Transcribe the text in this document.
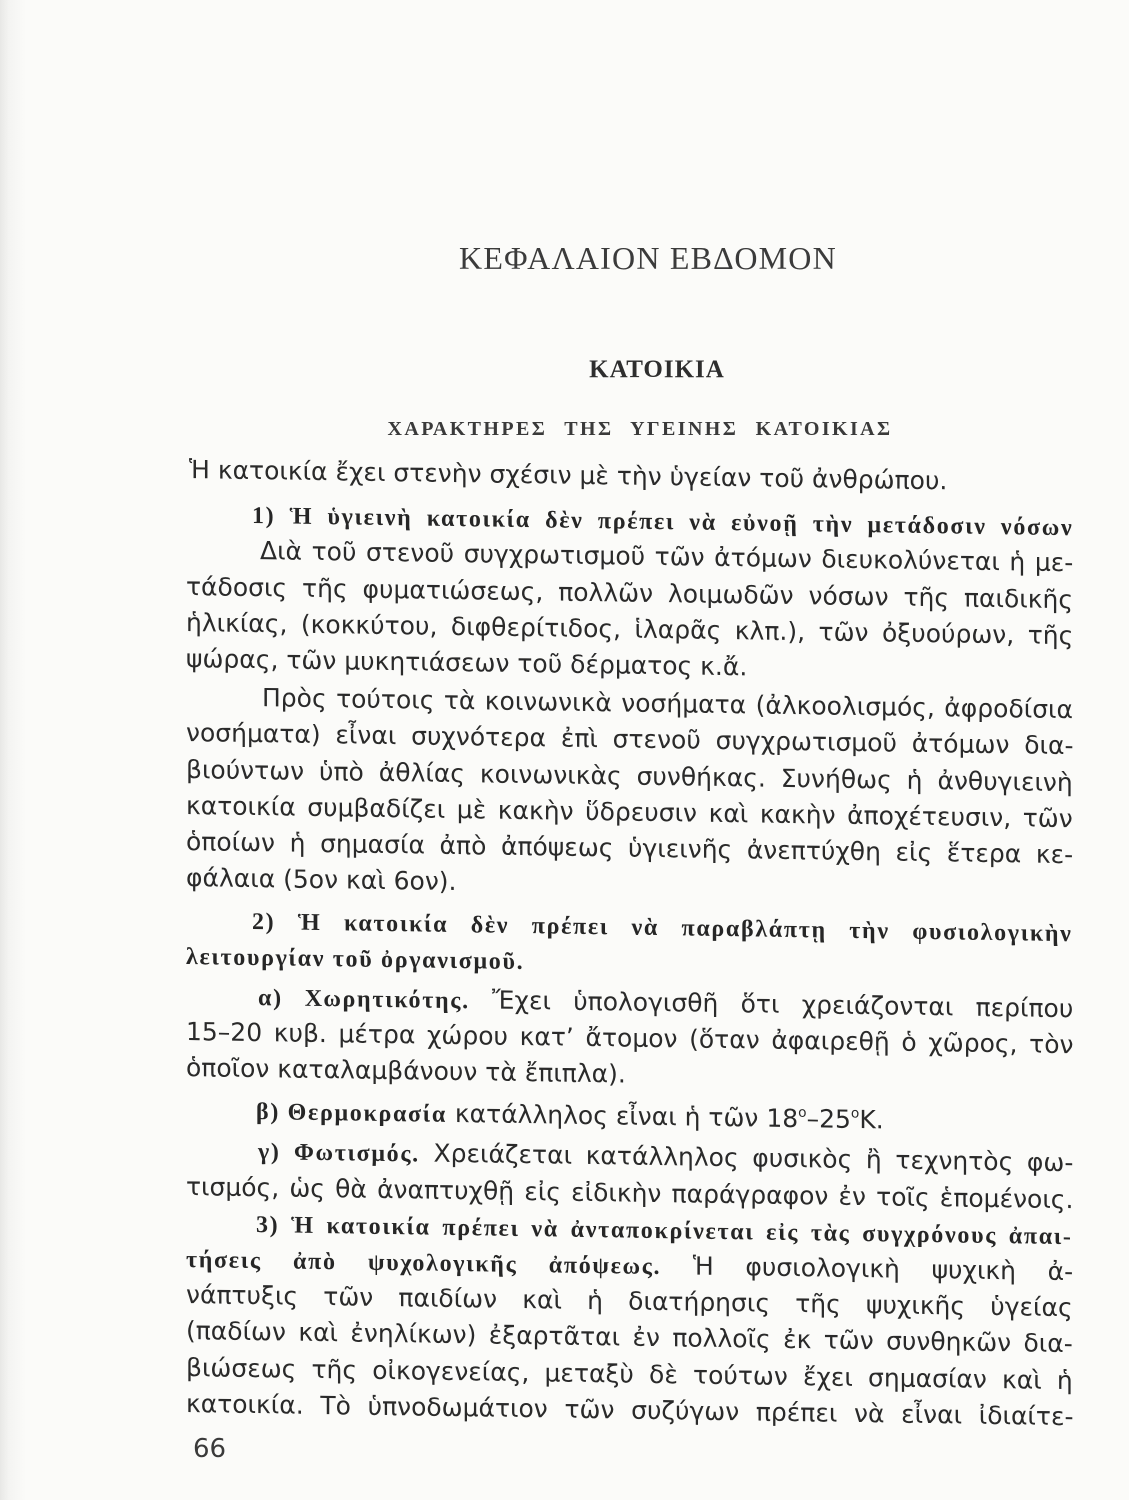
ΚΕΦΑΛΑΙΟΝ ΕΒΔΟΜΟΝ
ΚΑΤΟΙΚΙΑ
ΧΑΡΑΚΤΗΡΕΣ ΤΗΣ ΥΓΕΙΝΗΣ ΚΑΤΟΙΚΙΑΣ
Ἡ κατοικία ἔχει στενὴν σχέσιν μὲ τὴν ὑγείαν τοῦ ἀνθρώπου.
1) Ἡ ὑγιεινὴ κατοικία δὲν πρέπει νὰ εὐνοῇ τὴν μετάδοσιν νόσων
Διὰ τοῦ στενοῦ συγχρωτισμοῦ τῶν ἀτόμων διευκολύνεται ἡ με-
τάδοσις τῆς φυματιώσεως, πολλῶν λοιμωδῶν νόσων τῆς παιδικῆς
ἡλικίας, (κοκκύτου, διφθερίτιδος, ἱλαρᾶς κλπ.), τῶν ὀξυούρων, τῆς
ψώρας, τῶν μυκητιάσεων τοῦ δέρματος κ.ἄ.
Πρὸς τούτοις τὰ κοινωνικὰ νοσήματα (ἀλκοολισμός, ἀφροδίσια
νοσήματα) εἶναι συχνότερα ἐπὶ στενοῦ συγχρωτισμοῦ ἀτόμων δια-
βιούντων ὑπὸ ἀθλίας κοινωνικὰς συνθήκας. Συνήθως ἡ ἀνθυγιεινὴ
κατοικία συμβαδίζει μὲ κακὴν ὕδρευσιν καὶ κακὴν ἀποχέτευσιν, τῶν
ὁποίων ἡ σημασία ἀπὸ ἀπόψεως ὑγιεινῆς ἀνεπτύχθη εἰς ἕτερα κε-
φάλαια (5ον καὶ 6ον).
2) Ἡ κατοικία δὲν πρέπει νὰ παραβλάπτῃ τὴν φυσιολογικὴν
λειτουργίαν τοῦ ὀργανισμοῦ.
α) Χωρητικότης. Ἔχει ὑπολογισθῆ ὅτι χρειάζονται περίπου
15–20 κυβ. μέτρα χώρου κατ’ ἄτομον (ὅταν ἀφαιρεθῇ ὁ χῶρος, τὸν
ὁποῖον καταλαμβάνουν τὰ ἔπιπλα).
β) Θερμοκρασία κατάλληλος εἶναι ἡ τῶν $18^o-25^oK$.
γ) Φωτισμός. Χρειάζεται κατάλληλος φυσικὸς ἢ τεχνητὸς φω-
τισμός, ὡς θὰ ἀναπτυχθῇ εἰς εἰδικὴν παράγραφον ἐν τοῖς ἑπομένοις.
3) Ἡ κατοικία πρέπει νὰ ἀνταποκρίνεται εἰς τὰς συγχρόνους ἀπαι-
τήσεις ἀπὸ ψυχολογικῆς ἀπόψεως. Ἡ φυσιολογικὴ ψυχικὴ ἀ-
νάπτυξις τῶν παιδίων καὶ ἡ διατήρησις τῆς ψυχικῆς ὑγείας
(παδίων καὶ ἐνηλίκων) ἐξαρτᾶται ἐν πολλοῖς ἐκ τῶν συνθηκῶν δια-
βιώσεως τῆς οἰκογενείας, μεταξὺ δὲ τούτων ἔχει σημασίαν καὶ ἡ
κατοικία. Τὸ ὑπνοδωμάτιον τῶν συζύγων πρέπει νὰ εἶναι ἰδιαίτε-
66
